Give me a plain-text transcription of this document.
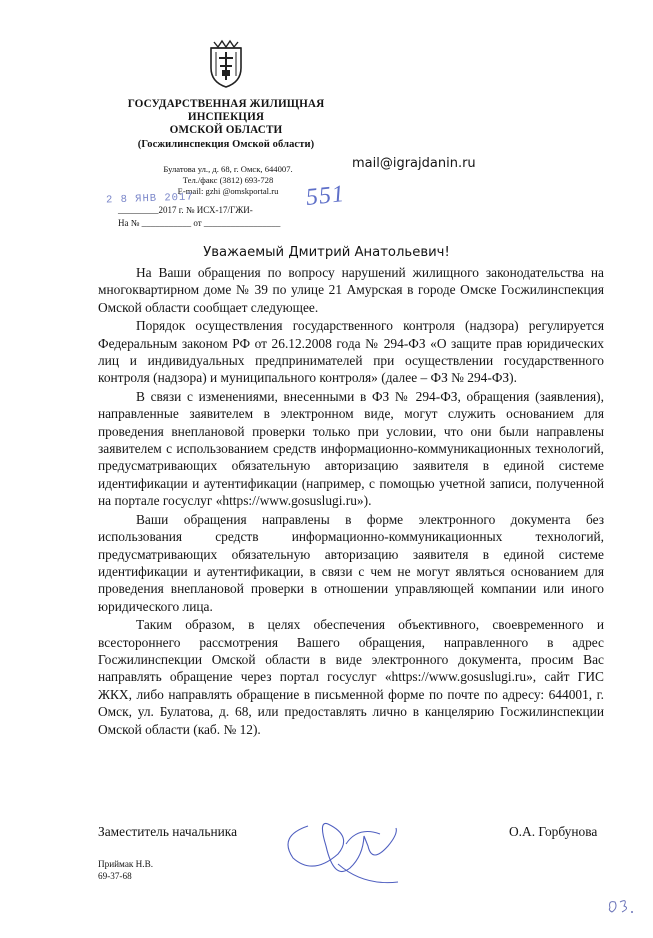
ГОСУДАРСТВЕННАЯ ЖИЛИЩНАЯ
ИНСПЕКЦИЯ
ОМСКОЙ ОБЛАСТИ
(Госжилинспекция Омской области)
Булатова ул., д. 68, г. Омск, 644007.
Тел./факс (3812) 693-728
E-mail: gzhi @omskportal.ru
mail@igrajdanin.ru
2 8 ЯНВ 2017
_________2017 г. № ИСХ-17/ГЖИ-	551
На № ___________ от _________________
Уважаемый Дмитрий Анатольевич!

На Ваши обращения по вопросу нарушений жилищного законодательства на многоквартирном доме № 39 по улице 21 Амурская в городе Омске Госжилинспекция Омской области сообщает следующее.

Порядок осуществления государственного контроля (надзора) регулируется Федеральным законом РФ от 26.12.2008 года № 294-ФЗ «О защите прав юридических лиц и индивидуальных предпринимателей при осуществлении государственного контроля (надзора) и муниципального контроля» (далее – ФЗ № 294-ФЗ).

В связи с изменениями, внесенными в ФЗ № 294-ФЗ, обращения (заявления), направленные заявителем в электронном виде, могут служить основанием для проведения внеплановой проверки только при условии, что они были направлены заявителем с использованием средств информационно-коммуникационных технологий, предусматривающих обязательную авторизацию заявителя в единой системе идентификации и аутентификации (например, с помощью учетной записи, полученной на портале госуслуг «https://www.gosuslugi.ru»).

Ваши обращения направлены в форме электронного документа без использования средств информационно-коммуникационных технологий, предусматривающих обязательную авторизацию заявителя в единой системе идентификации и аутентификации, в связи с чем не могут являться основанием для проведения внеплановой проверки в отношении управляющей компании или иного юридического лица.

Таким образом, в целях обеспечения объективного, своевременного и всестороннего рассмотрения Вашего обращения, направленного в адрес Госжилинспекции Омской области в виде электронного документа, просим Вас направлять обращение через портал госуслуг «https://www.gosuslugi.ru», сайт ГИС ЖКХ, либо направлять обращение в письменной форме по почте по адресу: 644001, г. Омск, ул. Булатова, д. 68, или предоставлять лично в канцелярию Госжилинспекции Омской области (каб. № 12).

Заместитель начальника	О.А. Горбунова
Приймак Н.В.
69-37-68
